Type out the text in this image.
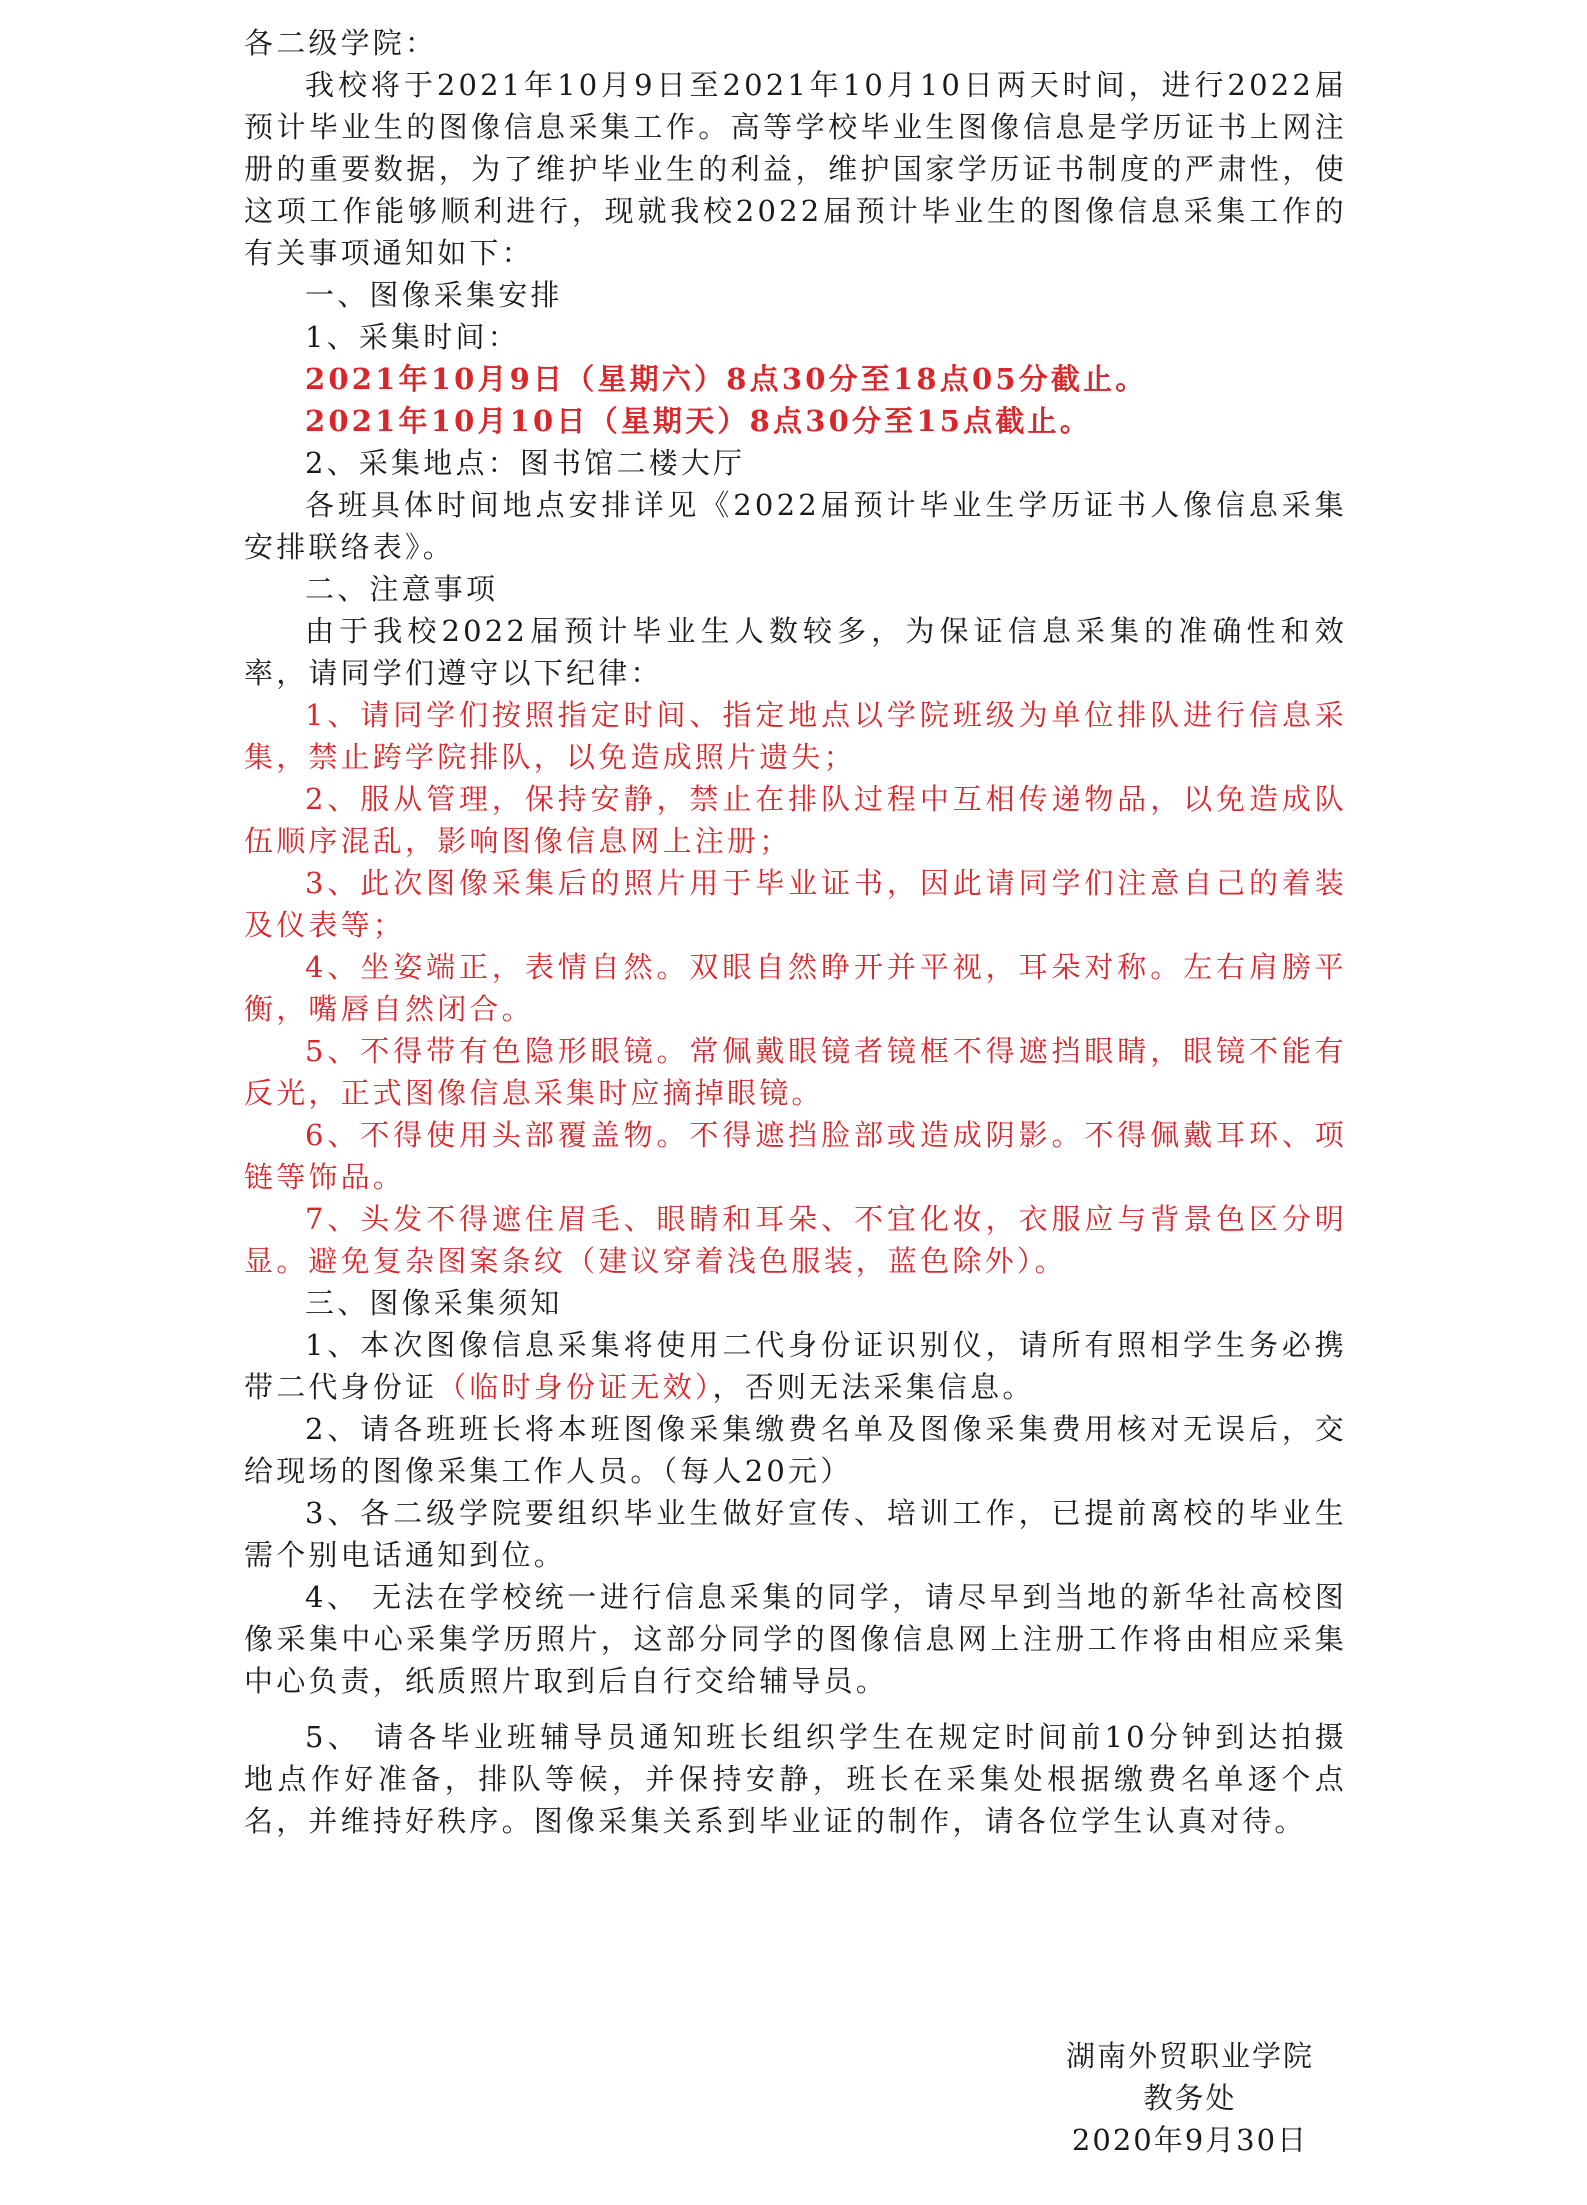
各二级学院：

我校将于2021年10月9日至2021年10月10日两天时间，进行2022届预计毕业生的图像信息采集工作。高等学校毕业生图像信息是学历证书上网注册的重要数据，为了维护毕业生的利益，维护国家学历证书制度的严肃性，使这项工作能够顺利进行，现就我校2022届预计毕业生的图像信息采集工作的有关事项通知如下：

一、图像采集安排

1、采集时间：

2021年10月9日（星期六）8点30分至18点05分截止。

2021年10月10日（星期天）8点30分至15点截止。

2、采集地点：图书馆二楼大厅

各班具体时间地点安排详见《2022届预计毕业生学历证书人像信息采集安排联络表》。

二、注意事项

由于我校2022届预计毕业生人数较多，为保证信息采集的准确性和效率，请同学们遵守以下纪律：

1、请同学们按照指定时间、指定地点以学院班级为单位排队进行信息采集，禁止跨学院排队，以免造成照片遗失；

2、服从管理，保持安静，禁止在排队过程中互相传递物品，以免造成队伍顺序混乱，影响图像信息网上注册；

3、此次图像采集后的照片用于毕业证书，因此请同学们注意自己的着装及仪表等；

4、坐姿端正，表情自然。双眼自然睁开并平视，耳朵对称。左右肩膀平衡，嘴唇自然闭合。

5、不得带有色隐形眼镜。常佩戴眼镜者镜框不得遮挡眼睛，眼镜不能有反光，正式图像信息采集时应摘掉眼镜。

6、不得使用头部覆盖物。不得遮挡脸部或造成阴影。不得佩戴耳环、项链等饰品。

7、头发不得遮住眉毛、眼睛和耳朵、不宜化妆，衣服应与背景色区分明显。避免复杂图案条纹（建议穿着浅色服装，蓝色除外）。

三、图像采集须知

1、本次图像信息采集将使用二代身份证识别仪，请所有照相学生务必携带二代身份证（临时身份证无效），否则无法采集信息。

2、请各班班长将本班图像采集缴费名单及图像采集费用核对无误后，交给现场的图像采集工作人员。（每人20元）

3、各二级学院要组织毕业生做好宣传、培训工作，已提前离校的毕业生需个别电话通知到位。

4、 无法在学校统一进行信息采集的同学，请尽早到当地的新华社高校图像采集中心采集学历照片，这部分同学的图像信息网上注册工作将由相应采集中心负责，纸质照片取到后自行交给辅导员。

5、 请各毕业班辅导员通知班长组织学生在规定时间前10分钟到达拍摄地点作好准备，排队等候，并保持安静，班长在采集处根据缴费名单逐个点名，并维持好秩序。图像采集关系到毕业证的制作，请各位学生认真对待。

湖南外贸职业学院

教务处

2020年9月30日
